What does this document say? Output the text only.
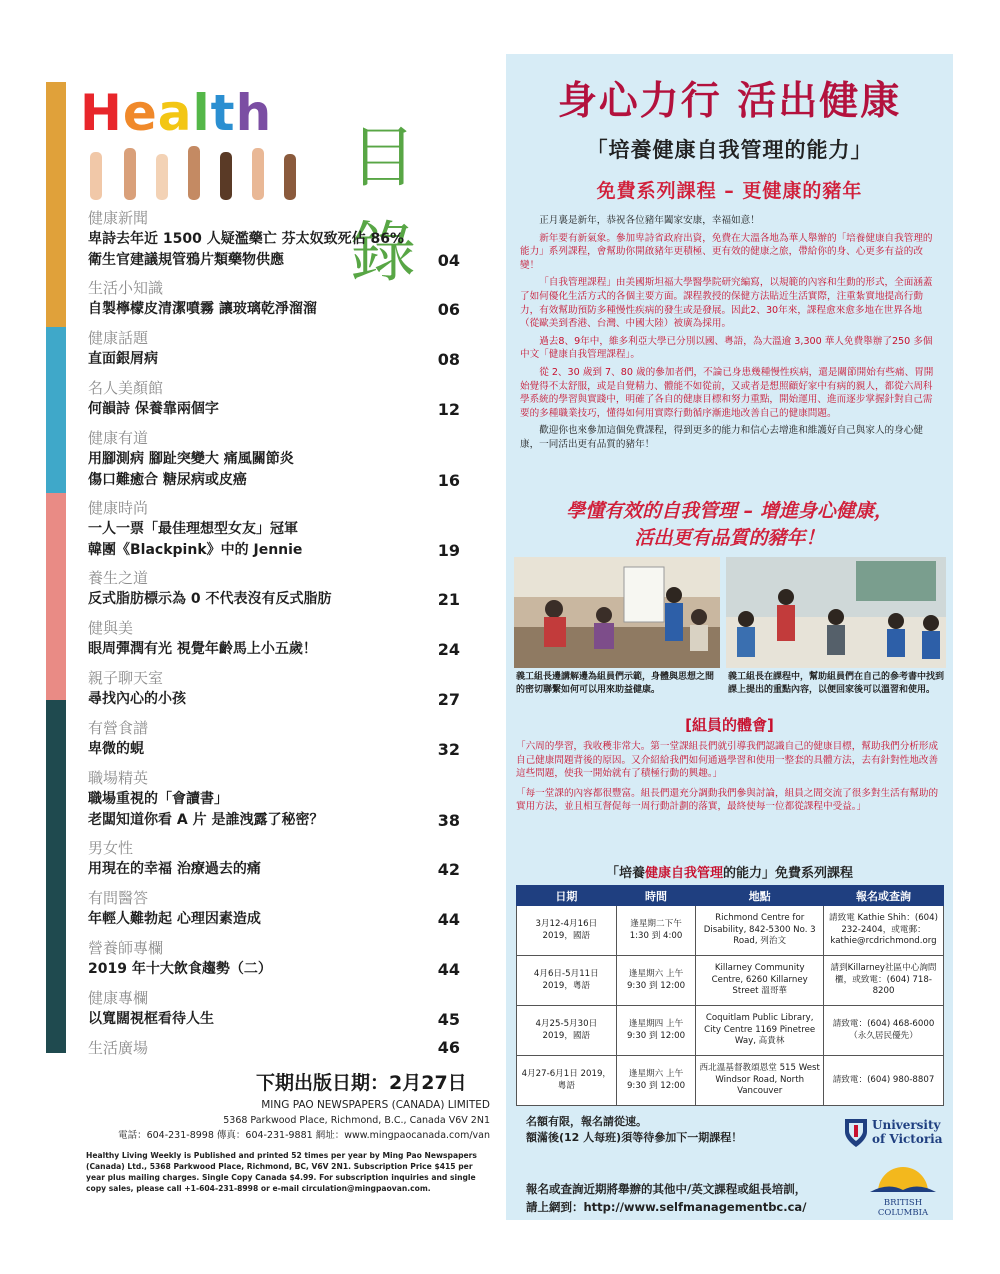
Health
目錄
健康新聞
卑詩去年近 1500 人疑濫藥亡 芬太奴致死佔 86%
衛生官建議規管鴉片類藥物供應	04
生活小知識
自製檸檬皮清潔噴霧 讓玻璃乾淨溜溜	06
健康話題
直面銀屑病	08
名人美顏館
何韻詩 保養靠兩個字	12
健康有道
用腳測病 腳趾突變大 痛風關節炎
傷口難癒合 糖尿病或皮癌	16
健康時尚
一人一票「最佳理想型女友」冠軍
韓團《Blackpink》中的 Jennie	19
養生之道
反式脂肪標示為 0 不代表沒有反式脂肪	21
健與美
眼周彈潤有光 視覺年齡馬上小五歲！	24
親子聊天室
尋找內心的小孩	27
有營食譜
卑微的蜆	32
職場精英
職場重視的「會讀書」
老闆知道你看 A 片 是誰洩露了秘密？	38
男女性
用現在的幸福 治療過去的痛	42
有問醫答
年輕人難勃起 心理因素造成	44
營養師專欄
2019 年十大飲食趨勢（二）	44
健康專欄
以寬闊視框看待人生	45
生活廣場	46
下期出版日期：2月27日
MING PAO NEWSPAPERS (CANADA) LIMITED
5368 Parkwood Place, Richmond, B.C., Canada V6V 2N1
電話：604-231-8998 傳真：604-231-9881 網址：www.mingpaocanada.com/van
Healthy Living Weekly is Published and printed 52 times per year by Ming Pao Newspapers (Canada) Ltd., 5368 Parkwood Place, Richmond, BC, V6V 2N1. Subscription Price $415 per year plus mailing charges. Single Copy Canada $4.99. For subscription inquiries and single copy sales, please call +1-604-231-8998 or e-mail circulation@mingpaovan.com.
身心力行 活出健康
「培養健康自我管理的能力」
免費系列課程 – 更健康的豬年

正月裏是新年，恭祝各位豬年闔家安康，幸福如意！

新年要有新氣象。參加卑詩省政府出資，免費在大溫各地為華人舉辦的「培養健康自我管理的能力」系列課程，會幫助你開啟豬年更積極、更有效的健康之旅，帶給你的身、心更多有益的改變！

「自我管理課程」由美國斯坦福大學醫學院研究編寫，以規範的內容和生動的形式，全面涵蓋了如何優化生活方式的各個主要方面。課程教授的保健方法貼近生活實際，注重紮實地提高行動力，有效幫助預防多種慢性疾病的發生或是發展。因此2、30年來，課程愈來愈多地在世界各地（從歐美到香港、台灣、中國大陸）被廣為採用。

過去8、9年中，維多利亞大學已分別以國、粵語，為大溫逾 3,300 華人免費舉辦了250 多個中文「健康自我管理課程」。

從 2、30 歲到 7、80 歲的參加者們，不論已身患幾種慢性疾病，還是關節開始有些痛、胃開始覺得不太舒服，或是自覺精力、體能不如從前，又或者是想照顧好家中有病的親人，都從六周科學系統的學習與實踐中，明確了各自的健康目標和努力重點，開始運用、進而逐步掌握針對自己需要的多種職業技巧，懂得如何用實際行動循序漸進地改善自己的健康問題。

歡迎你也來參加這個免費課程，得到更多的能力和信心去增進和維護好自己與家人的身心健康，一同活出更有品質的豬年！

學懂有效的自我管理 – 增進身心健康，
活出更有品質的豬年！
義工組長邊講解邊為組員們示範，身體與思想之間的密切聯繫如何可以用來助益健康。
義工組長在課程中，幫助組員們在自己的參考書中找到課上提出的重點內容，以便回家後可以溫習和使用。
[組員的體會]

「六周的學習，我收穫非常大。第一堂課組長們就引導我們認識自己的健康目標，幫助我們分析形成自己健康問題背後的原因。又介紹給我們如何通過學習和使用一整套的具體方法，去有針對性地改善這些問題，使我一開始就有了積極行動的興趣。」

「每一堂課的內容都很豐富。組長們還充分調動我們參與討論，組員之間交流了很多對生活有幫助的實用方法，並且相互督促每一周行動計劃的落實，最終使每一位都從課程中受益。」

「培養健康自我管理的能力」免費系列課程
日期	時間	地點	報名或查詢
3月12-4月16日 2019，國語	逢星期二下午 1:30 到 4:00	Richmond Centre for Disability, 842-5300 No. 3 Road, 列治文	請致電 Kathie Shih：(604) 232-2404，或電郵：kathie@rcdrichmond.org
4月6日-5月11日 2019，粵語	逢星期六 上午 9:30 到 12:00	Killarney Community Centre, 6260 Killarney Street 溫哥華	請到Killarney社區中心詢問櫃，或致電：(604) 718-8200
4月25-5月30日 2019，國語	逢星期四 上午 9:30 到 12:00	Coquitlam Public Library, City Centre 1169 Pinetree Way, 高貴林	請致電：(604) 468-6000（永久居民優先）
4月27-6月1日 2019，粵語	逢星期六 上午 9:30 到 12:00	西北溫基督教頌恩堂 515 West Windsor Road, North Vancouver	請致電：(604) 980-8807
名額有限，報名請從速。
額滿後(12 人每班)須等待參加下一期課程！
University
of Victoria
報名或查詢近期將舉辦的其他中/英文課程或組長培訓，
請上網到：http://www.selfmanagementbc.ca/	BRITISH
COLUMBIA
